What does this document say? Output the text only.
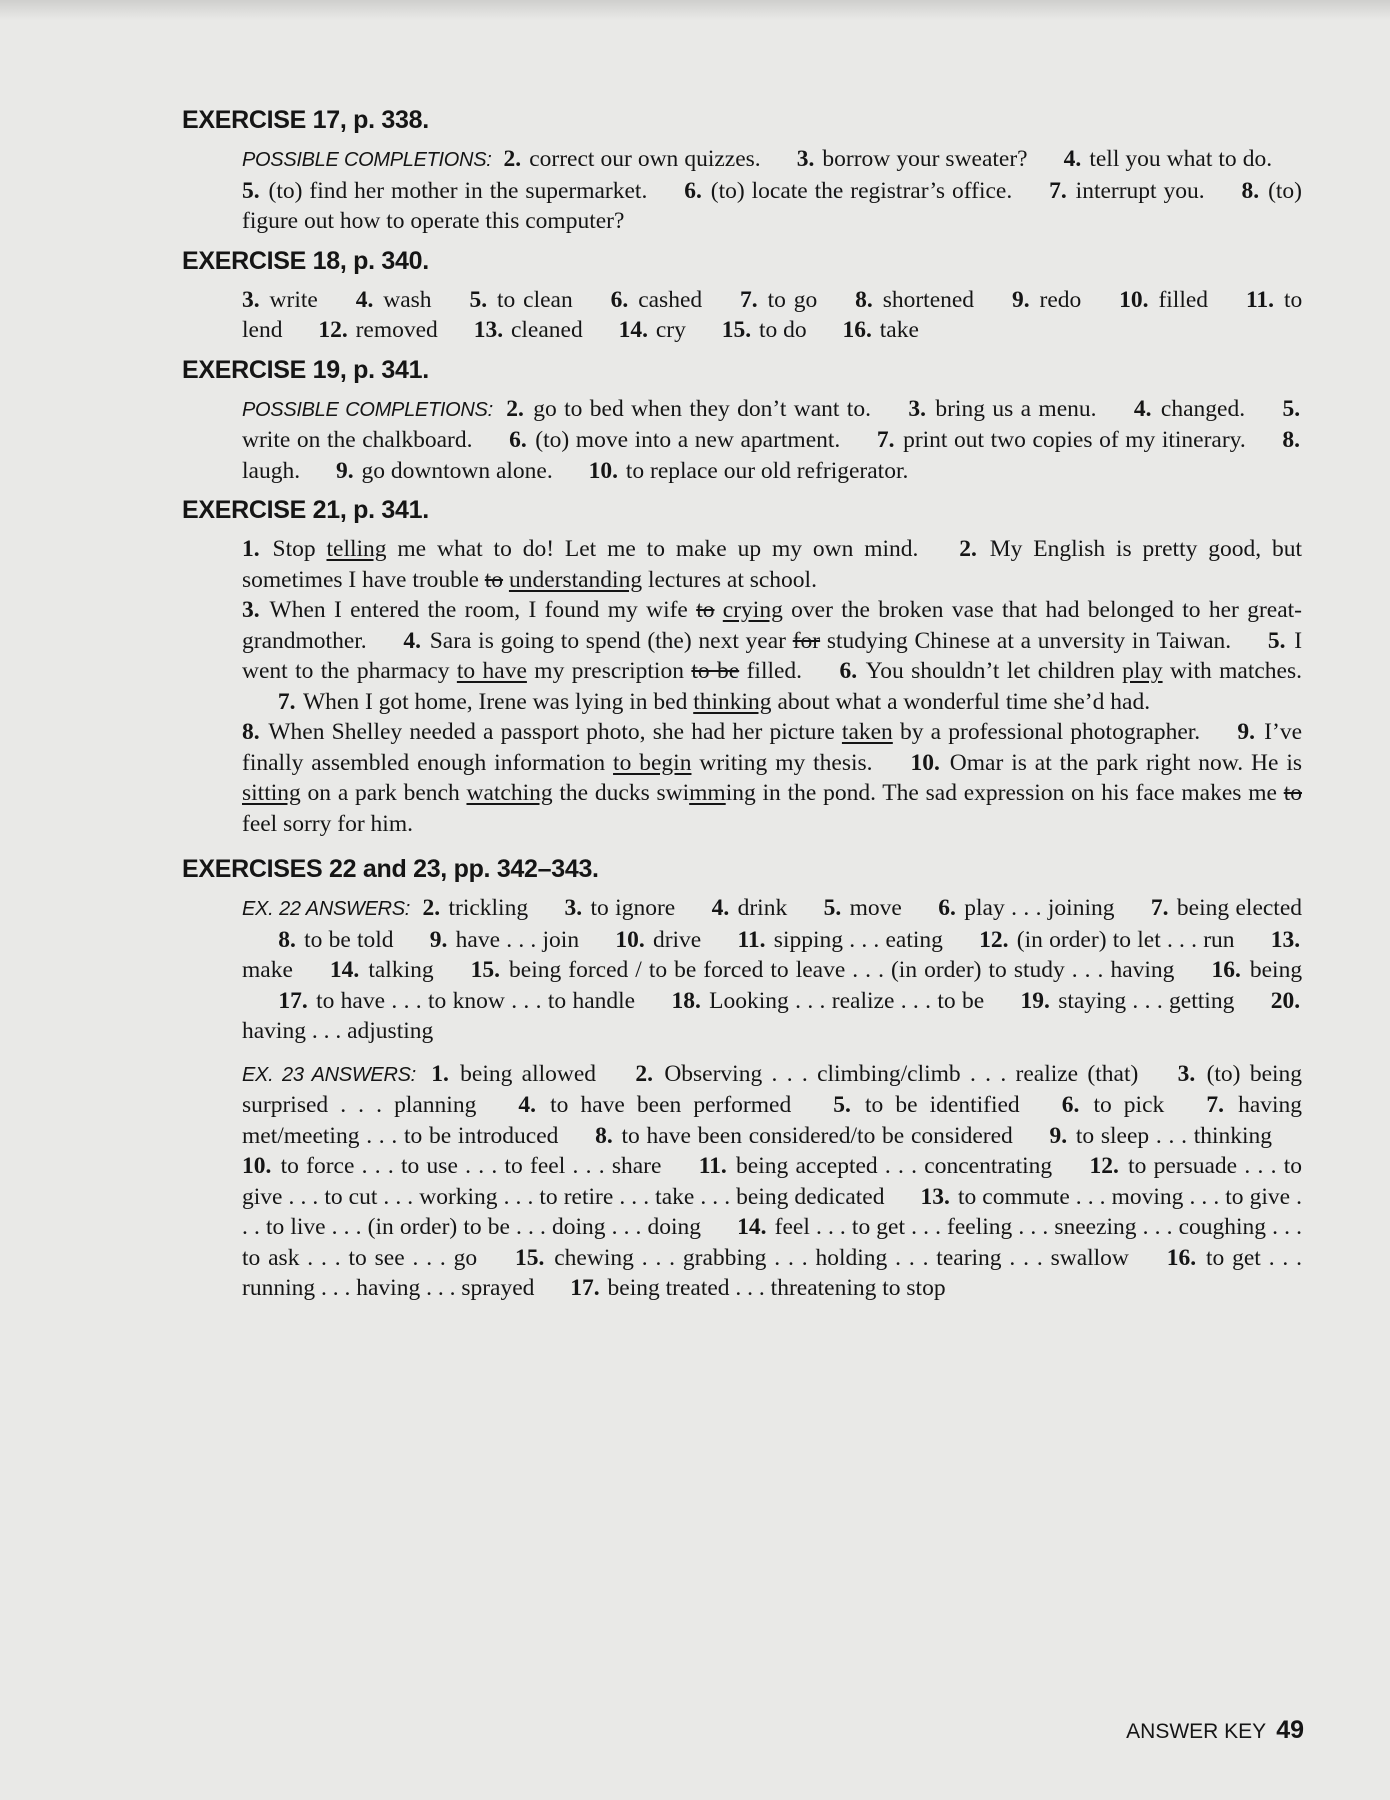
EXERCISE 17, p. 338.
POSSIBLE COMPLETIONS: 2. correct our own quizzes. 3. borrow your sweater? 4. tell you what to do. 5. (to) find her mother in the supermarket. 6. (to) locate the registrar’s office. 7. interrupt you. 8. (to) figure out how to operate this computer?
EXERCISE 18, p. 340.
3. write 4. wash 5. to clean 6. cashed 7. to go 8. shortened 9. redo 10. filled 11. to lend 12. removed 13. cleaned 14. cry 15. to do 16. take
EXERCISE 19, p. 341.
POSSIBLE COMPLETIONS: 2. go to bed when they don’t want to. 3. bring us a menu. 4. changed. 5. write on the chalkboard. 6. (to) move into a new apartment. 7. print out two copies of my itinerary. 8. laugh. 9. go downtown alone. 10. to replace our old refrigerator.
EXERCISE 21, p. 341.
1. Stop telling me what to do! Let me to make up my own mind. 2. My English is pretty good, but sometimes I have trouble to understanding lectures at school.
3. When I entered the room, I found my wife to crying over the broken vase that had belonged to her great-grandmother. 4. Sara is going to spend (the) next year for studying Chinese at a unversity in Taiwan. 5. I went to the pharmacy to have my prescription to be filled. 6. You shouldn’t let children play with matches. 7. When I got home, Irene was lying in bed thinking about what a wonderful time she’d had.
8. When Shelley needed a passport photo, she had her picture taken by a professional photographer. 9. I’ve finally assembled enough information to begin writing my thesis. 10. Omar is at the park right now. He is sitting on a park bench watching the ducks swimming in the pond. The sad expression on his face makes me to feel sorry for him.
EXERCISES 22 and 23, pp. 342–343.
EX. 22 ANSWERS: 2. trickling 3. to ignore 4. drink 5. move 6. play . . . joining 7. being elected 8. to be told 9. have . . . join 10. drive 11. sipping . . . eating 12. (in order) to let . . . run 13. make 14. talking 15. being forced / to be forced to leave . . . (in order) to study . . . having 16. being 17. to have . . . to know . . . to handle 18. Looking . . . realize . . . to be 19. staying . . . getting 20. having . . . adjusting
EX. 23 ANSWERS: 1. being allowed 2. Observing . . . climbing/climb . . . realize (that) 3. (to) being surprised . . . planning 4. to have been performed 5. to be identified 6. to pick 7. having met/meeting . . . to be introduced 8. to have been considered/to be considered 9. to sleep . . . thinking 10. to force . . . to use . . . to feel . . . share 11. being accepted . . . concentrating 12. to persuade . . . to give . . . to cut . . . working . . . to retire . . . take . . . being dedicated 13. to commute . . . moving . . . to give . . . to live . . . (in order) to be . . . doing . . . doing 14. feel . . . to get . . . feeling . . . sneezing . . . coughing . . . to ask . . . to see . . . go 15. chewing . . . grabbing . . . holding . . . tearing . . . swallow 16. to get . . . running . . . having . . . sprayed 17. being treated . . . threatening to stop
ANSWER KEY 49
